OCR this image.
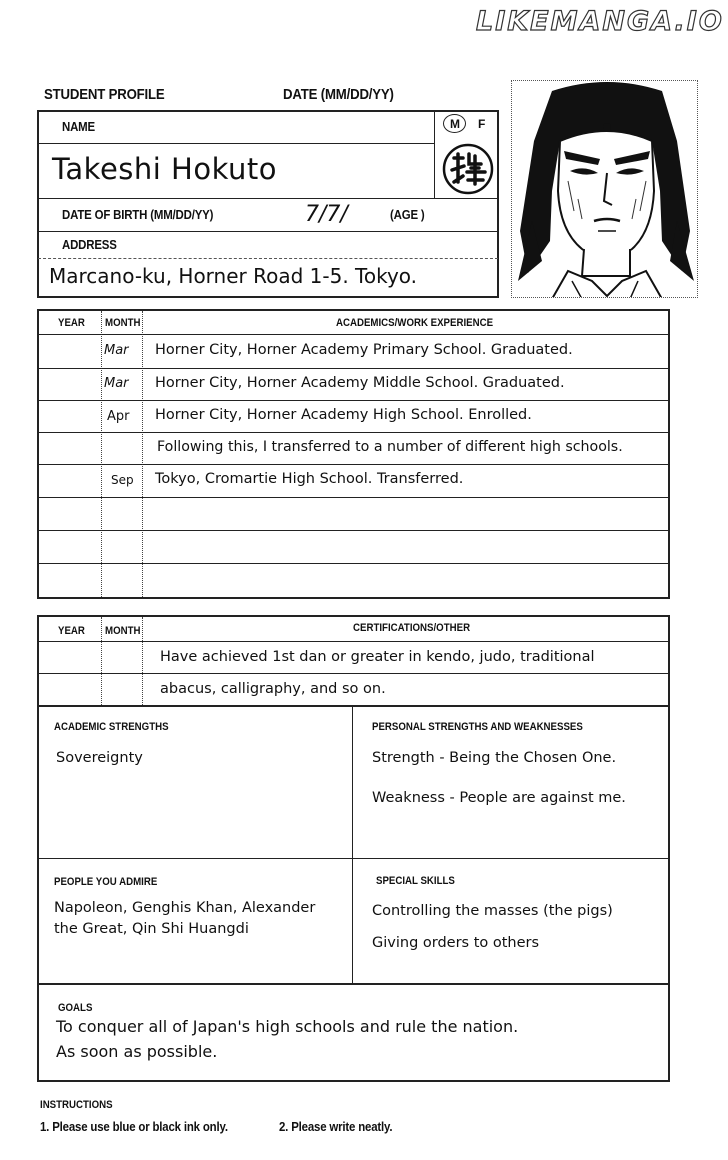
LIKEMANGA.IO
STUDENT PROFILE	DATE (MM/DD/YY)
NAME	M F
Takeshi Hokuto
DATE OF BIRTH (MM/DD/YY)	7/7/	(AGE )
ADDRESS
Marcano-ku, Horner Road 1-5. Tokyo.
YEAR MONTH	ACADEMICS/WORK EXPERIENCE
Mar Horner City, Horner Academy Primary School. Graduated.
Mar Horner City, Horner Academy Middle School. Graduated.
Apr Horner City, Horner Academy High School. Enrolled.
Following this, I transferred to a number of different high schools.
Sep Tokyo, Cromartie High School. Transferred.
YEAR MONTH	CERTIFICATIONS/OTHER
Have achieved 1st dan or greater in kendo, judo, traditional
abacus, calligraphy, and so on.
ACADEMIC STRENGTHS
Sovereignty
PERSONAL STRENGTHS AND WEAKNESSES
Strength - Being the Chosen One.
Weakness - People are against me.
PEOPLE YOU ADMIRE
Napoleon, Genghis Khan, Alexander
the Great, Qin Shi Huangdi
SPECIAL SKILLS
Controlling the masses (the pigs)
Giving orders to others
GOALS
To conquer all of Japan's high schools and rule the nation.
As soon as possible.
INSTRUCTIONS
1. Please use blue or black ink only.	2. Please write neatly.
